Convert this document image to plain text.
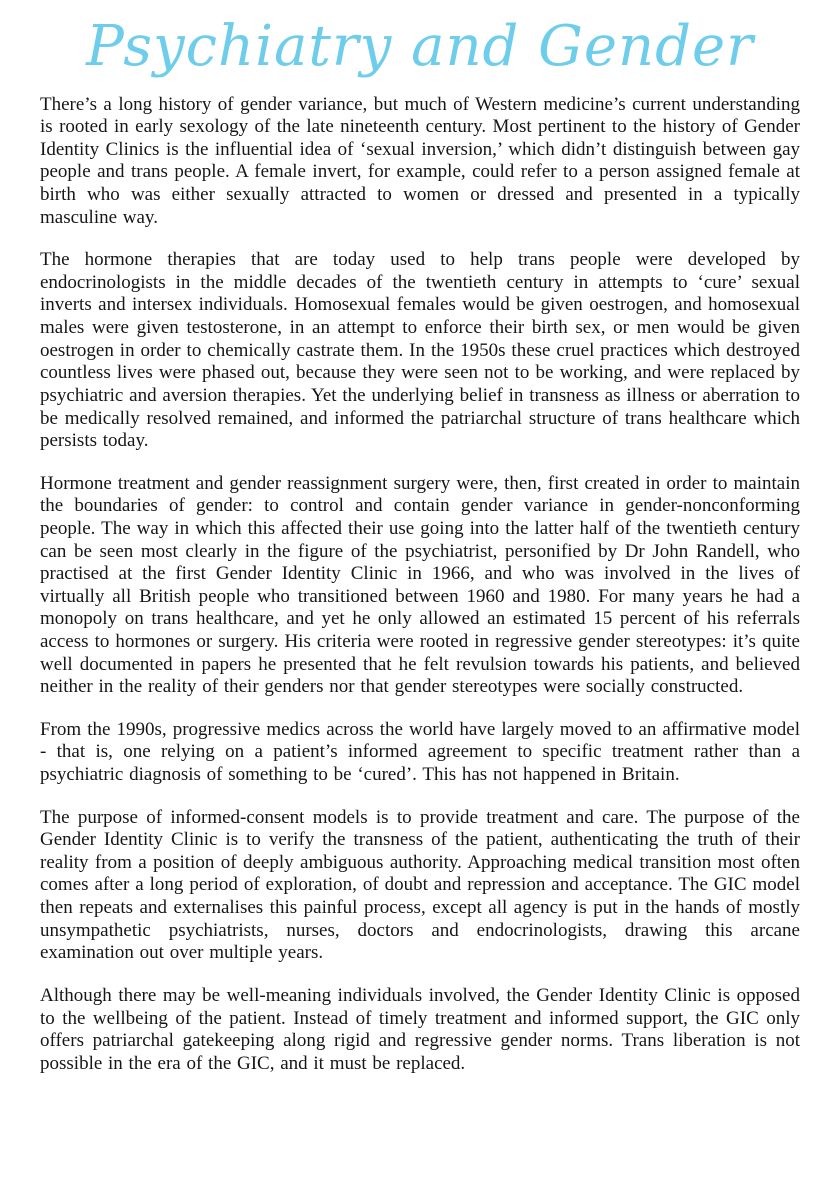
Psychiatry and Gender

There’s a long history of gender variance, but much of Western medicine’s current understanding is rooted in early sexology of the late nineteenth century. Most pertinent to the history of Gender Identity Clinics is the influential idea of ‘sexual inversion,’ which didn’t distinguish between gay people and trans people. A female invert, for example, could refer to a person assigned female at birth who was either sexually attracted to women or dressed and presented in a typically masculine way.

The hormone therapies that are today used to help trans people were developed by endocrinologists in the middle decades of the twentieth century in attempts to ‘cure’ sexual inverts and intersex individuals. Homosexual females would be given oestrogen, and homosexual males were given testosterone, in an attempt to enforce their birth sex, or men would be given oestrogen in order to chemically castrate them. In the 1950s these cruel practices which destroyed countless lives were phased out, because they were seen not to be working, and were replaced by psychiatric and aversion therapies. Yet the underlying belief in transness as illness or aberration to be medically resolved remained, and informed the patriarchal structure of trans healthcare which persists today.

Hormone treatment and gender reassignment surgery were, then, first created in order to maintain the boundaries of gender: to control and contain gender variance in gender-nonconforming people. The way in which this affected their use going into the latter half of the twentieth century can be seen most clearly in the figure of the psychiatrist, personified by Dr John Randell, who practised at the first Gender Identity Clinic in 1966, and who was involved in the lives of virtually all British people who transitioned between 1960 and 1980. For many years he had a monopoly on trans healthcare, and yet he only allowed an estimated 15 percent of his referrals access to hormones or surgery. His criteria were rooted in regressive gender stereotypes: it’s quite well documented in papers he presented that he felt revulsion towards his patients, and believed neither in the reality of their genders nor that gender stereotypes were socially constructed.

From the 1990s, progressive medics across the world have largely moved to an affirmative model - that is, one relying on a patient’s informed agreement to specific treatment rather than a psychiatric diagnosis of something to be ‘cured’. This has not happened in Britain.

The purpose of informed-consent models is to provide treatment and care. The purpose of the Gender Identity Clinic is to verify the transness of the patient, authenticating the truth of their reality from a position of deeply ambiguous authority. Approaching medical transition most often comes after a long period of exploration, of doubt and repression and acceptance. The GIC model then repeats and externalises this painful process, except all agency is put in the hands of mostly unsympathetic psychiatrists, nurses, doctors and endocrinologists, drawing this arcane examination out over multiple years.

Although there may be well-meaning individuals involved, the Gender Identity Clinic is opposed to the wellbeing of the patient. Instead of timely treatment and informed support, the GIC only offers patriarchal gatekeeping along rigid and regressive gender norms. Trans liberation is not possible in the era of the GIC, and it must be replaced.
